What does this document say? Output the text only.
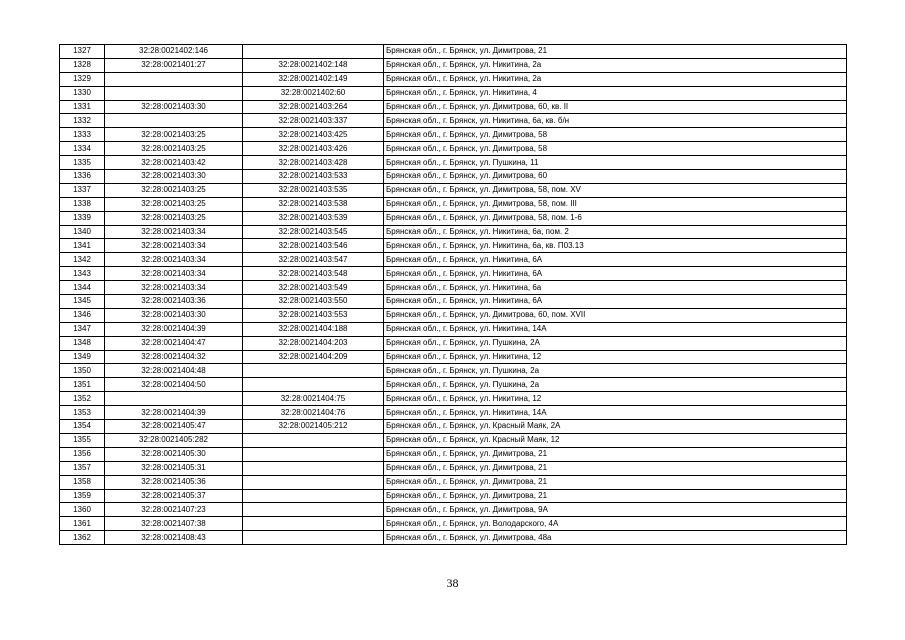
1327	32:28:0021402:146		Брянская обл., г. Брянск, ул. Димитрова, 21
1328	32:28:0021401:27	32:28:0021402:148	Брянская обл., г. Брянск, ул. Никитина, 2а
1329		32:28:0021402:149	Брянская обл., г. Брянск, ул. Никитина, 2а
1330		32:28:0021402:60	Брянская обл., г. Брянск, ул. Никитина, 4
1331	32:28:0021403:30	32:28:0021403:264	Брянская обл., г. Брянск, ул. Димитрова, 60, кв. II
1332		32:28:0021403:337	Брянская обл., г. Брянск, ул. Никитина, 6а, кв. б/н
1333	32:28:0021403:25	32:28:0021403:425	Брянская обл., г. Брянск, ул. Димитрова, 58
1334	32:28:0021403:25	32:28:0021403:426	Брянская обл., г. Брянск, ул. Димитрова, 58
1335	32:28:0021403:42	32:28:0021403:428	Брянская обл., г. Брянск, ул. Пушкина, 11
1336	32:28:0021403:30	32:28:0021403:533	Брянская обл., г. Брянск, ул. Димитрова, 60
1337	32:28:0021403:25	32:28:0021403:535	Брянская обл., г. Брянск, ул. Димитрова, 58, пом. XV
1338	32:28:0021403:25	32:28:0021403:538	Брянская обл., г. Брянск, ул. Димитрова, 58, пом. III
1339	32:28:0021403:25	32:28:0021403:539	Брянская обл., г. Брянск, ул. Димитрова, 58, пом. 1-6
1340	32:28:0021403:34	32:28:0021403:545	Брянская обл., г. Брянск, ул. Никитина, 6а, пом. 2
1341	32:28:0021403:34	32:28:0021403:546	Брянская обл., г. Брянск, ул. Никитина, 6а, кв. П03.13
1342	32:28:0021403:34	32:28:0021403:547	Брянская обл., г. Брянск, ул. Никитина, 6А
1343	32:28:0021403:34	32:28:0021403:548	Брянская обл., г. Брянск, ул. Никитина, 6А
1344	32:28:0021403:34	32:28:0021403:549	Брянская обл., г. Брянск, ул. Никитина, 6а
1345	32:28:0021403:36	32:28:0021403:550	Брянская обл., г. Брянск, ул. Никитина, 6А
1346	32:28:0021403:30	32:28:0021403:553	Брянская обл., г. Брянск, ул. Димитрова, 60, пом. XVII
1347	32:28:0021404:39	32:28:0021404:188	Брянская обл., г. Брянск, ул. Никитина, 14А
1348	32:28:0021404:47	32:28:0021404:203	Брянская обл., г. Брянск, ул. Пушкина, 2А
1349	32:28:0021404:32	32:28:0021404:209	Брянская обл., г. Брянск, ул. Никитина, 12
1350	32:28:0021404:48		Брянская обл., г. Брянск, ул. Пушкина, 2а
1351	32:28:0021404:50		Брянская обл., г. Брянск, ул. Пушкина, 2а
1352		32:28:0021404:75	Брянская обл., г. Брянск, ул. Никитина, 12
1353	32:28:0021404:39	32:28:0021404:76	Брянская обл., г. Брянск, ул. Никитина, 14А
1354	32:28:0021405:47	32:28:0021405:212	Брянская обл., г. Брянск, ул. Красный Маяк, 2А
1355	32:28:0021405:282		Брянская обл., г. Брянск, ул. Красный Маяк, 12
1356	32:28:0021405:30		Брянская обл., г. Брянск, ул. Димитрова, 21
1357	32:28:0021405:31		Брянская обл., г. Брянск, ул. Димитрова, 21
1358	32:28:0021405:36		Брянская обл., г. Брянск, ул. Димитрова, 21
1359	32:28:0021405:37		Брянская обл., г. Брянск, ул. Димитрова, 21
1360	32:28:0021407:23		Брянская обл., г. Брянск, ул. Димитрова, 9А
1361	32:28:0021407:38		Брянская обл., г. Брянск, ул. Володарского, 4А
1362	32:28:0021408:43		Брянская обл., г. Брянск, ул. Димитрова, 48а
38
